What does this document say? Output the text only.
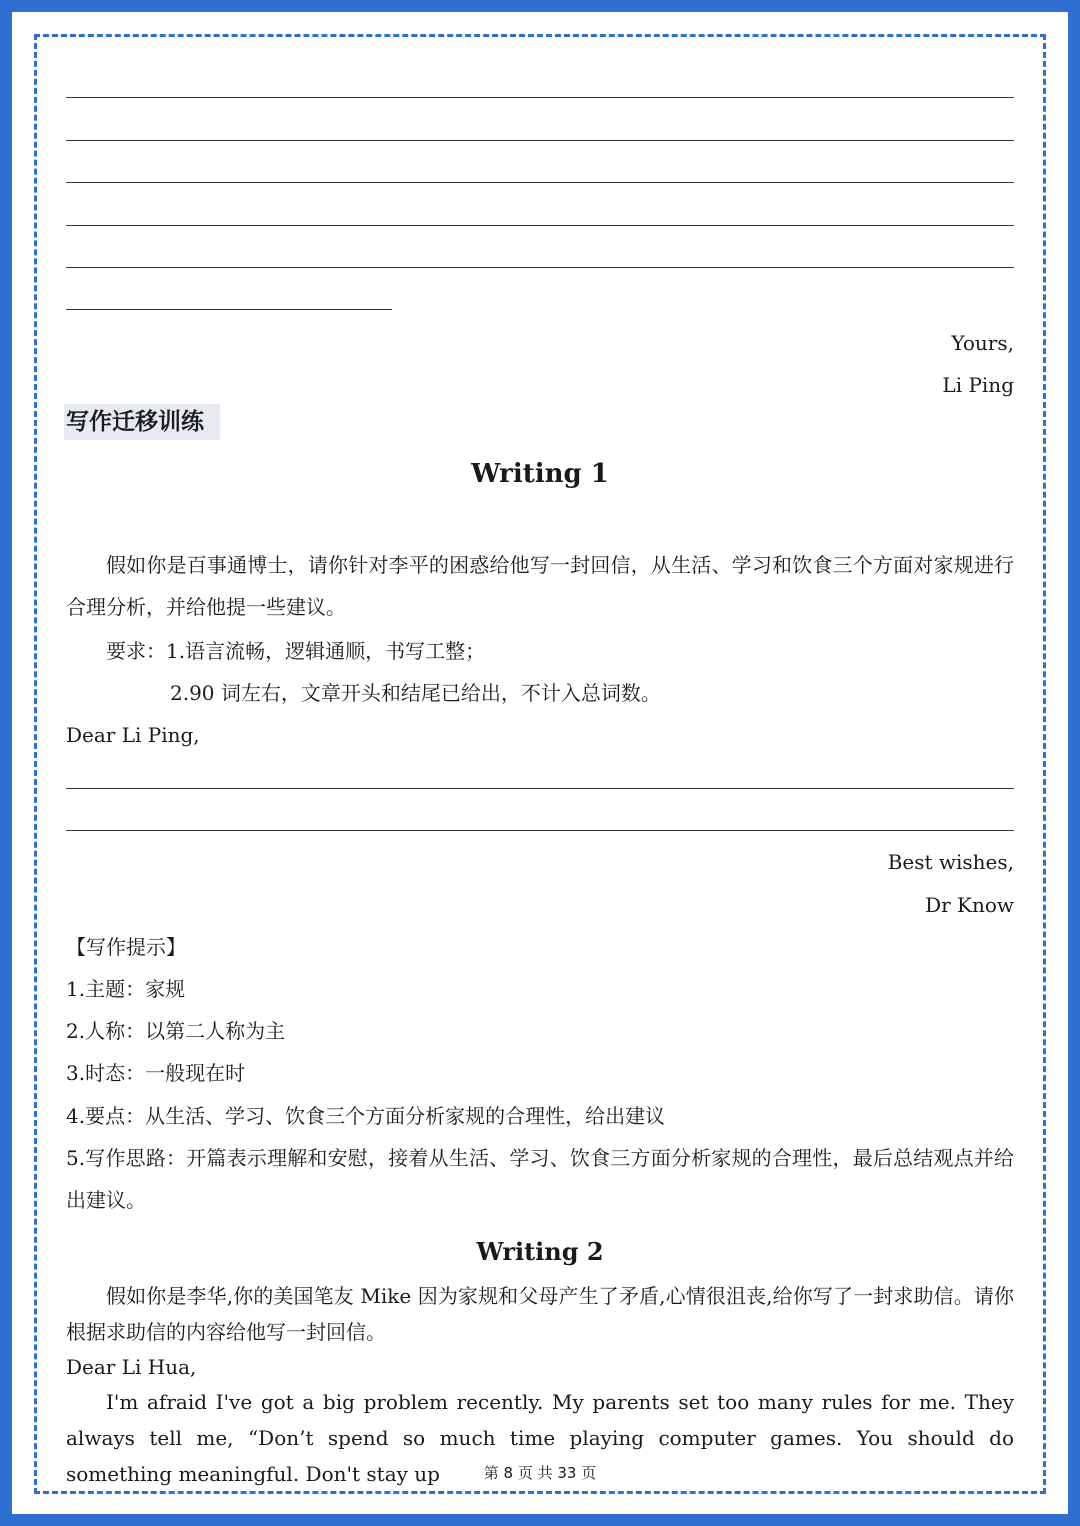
Yours,
Li Ping
写作迁移训练
Writing 1
假如你是百事通博士，请你针对李平的困惑给他写一封回信，从生活、学习和饮食三个方面对家规进行合理分析，并给他提一些建议。
要求：1.语言流畅，逻辑通顺，书写工整；
2.90 词左右，文章开头和结尾已给出，不计入总词数。
Dear Li Ping,
Best wishes,
Dr Know
【写作提示】
1.主题：家规
2.人称：以第二人称为主
3.时态：一般现在时
4.要点：从生活、学习、饮食三个方面分析家规的合理性，给出建议
5.写作思路：开篇表示理解和安慰，接着从生活、学习、饮食三方面分析家规的合理性，最后总结观点并给出建议。
Writing 2
假如你是李华,你的美国笔友 Mike 因为家规和父母产生了矛盾,心情很沮丧,给你写了一封求助信。请你根据求助信的内容给他写一封回信。
Dear Li Hua,
I'm afraid I've got a big problem recently. My parents set too many rules for me. They always tell me, “Don’t spend so much time playing computer games. You should do something meaningful. Don't stay up	第 8 页 共 33 页
